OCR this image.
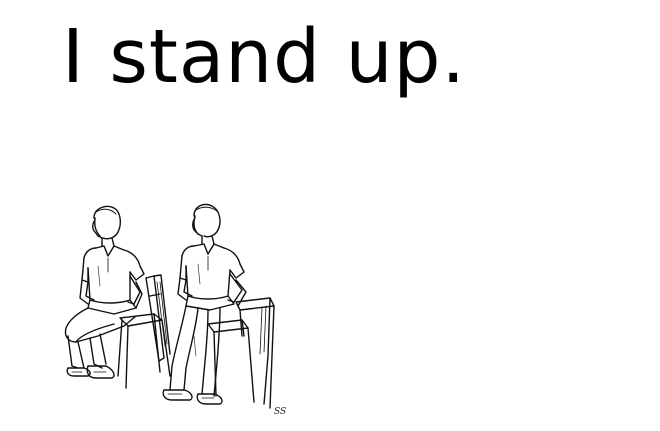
I stand up.
SS
